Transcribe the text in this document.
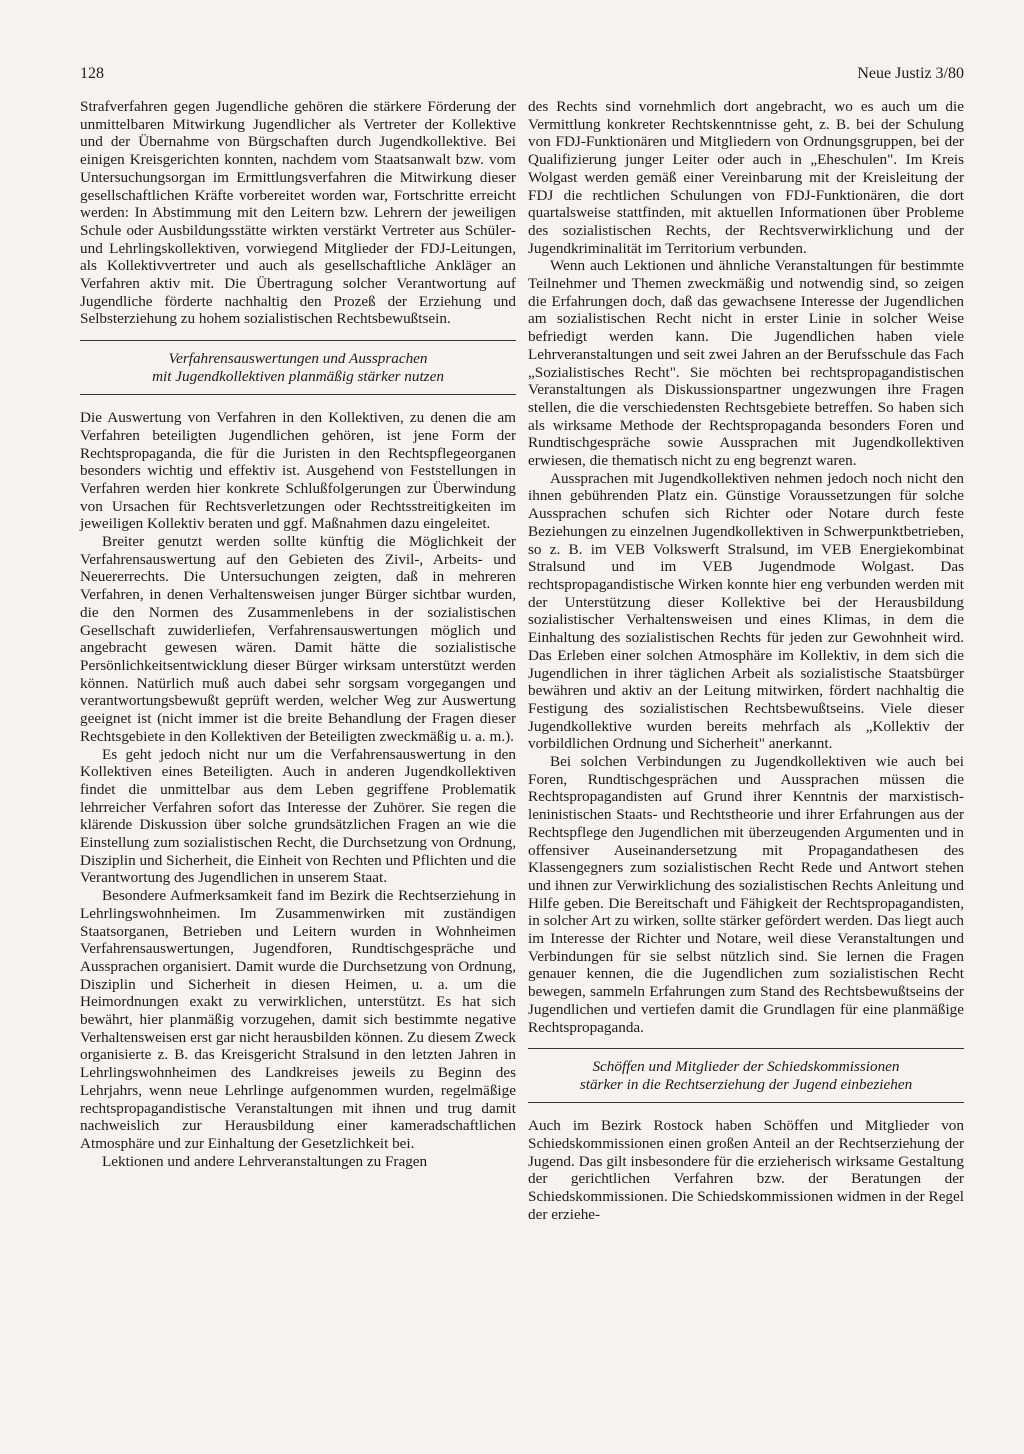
128	Neue Justiz 3/80

Strafverfahren gegen Jugendliche gehören die stärkere Förderung der unmittelbaren Mitwirkung Jugendlicher als Vertreter der Kollektive und der Übernahme von Bürgschaften durch Jugendkollektive. Bei einigen Kreisgerichten konnten, nachdem vom Staatsanwalt bzw. vom Untersuchungsorgan im Ermittlungsverfahren die Mitwirkung dieser gesellschaftlichen Kräfte vorbereitet worden war, Fortschritte erreicht werden: In Abstimmung mit den Leitern bzw. Lehrern der jeweiligen Schule oder Ausbildungsstätte wirkten verstärkt Vertreter aus Schüler- und Lehrlingskollektiven, vorwiegend Mitglieder der FDJ-Leitungen, als Kollektivvertreter und auch als gesellschaftliche Ankläger an Verfahren aktiv mit. Die Übertragung solcher Verantwortung auf Jugendliche förderte nachhaltig den Prozeß der Erziehung und Selbsterziehung zu hohem sozialistischen Rechtsbewußtsein.

Verfahrensauswertungen und Aussprachen
mit Jugendkollektiven planmäßig stärker nutzen

Die Auswertung von Verfahren in den Kollektiven, zu denen die am Verfahren beteiligten Jugendlichen gehören, ist jene Form der Rechtspropaganda, die für die Juristen in den Rechtspflegeorganen besonders wichtig und effektiv ist. Ausgehend von Feststellungen in Verfahren werden hier konkrete Schlußfolgerungen zur Überwindung von Ursachen für Rechtsverletzungen oder Rechtsstreitigkeiten im jeweiligen Kollektiv beraten und ggf. Maßnahmen dazu eingeleitet.

Breiter genutzt werden sollte künftig die Möglichkeit der Verfahrensauswertung auf den Gebieten des Zivil-, Arbeits- und Neuererrechts. Die Untersuchungen zeigten, daß in mehreren Verfahren, in denen Verhaltensweisen junger Bürger sichtbar wurden, die den Normen des Zusammenlebens in der sozialistischen Gesellschaft zuwiderliefen, Verfahrensauswertungen möglich und angebracht gewesen wären. Damit hätte die sozialistische Persönlichkeitsentwicklung dieser Bürger wirksam unterstützt werden können. Natürlich muß auch dabei sehr sorgsam vorgegangen und verantwortungsbewußt geprüft werden, welcher Weg zur Auswertung geeignet ist (nicht immer ist die breite Behandlung der Fragen dieser Rechtsgebiete in den Kollektiven der Beteiligten zweckmäßig u. a. m.).

Es geht jedoch nicht nur um die Verfahrensauswertung in den Kollektiven eines Beteiligten. Auch in anderen Jugendkollektiven findet die unmittelbar aus dem Leben gegriffene Problematik lehrreicher Verfahren sofort das Interesse der Zuhörer. Sie regen die klärende Diskussion über solche grundsätzlichen Fragen an wie die Einstellung zum sozialistischen Recht, die Durchsetzung von Ordnung, Disziplin und Sicherheit, die Einheit von Rechten und Pflichten und die Verantwortung des Jugendlichen in unserem Staat.

Besondere Aufmerksamkeit fand im Bezirk die Rechtserziehung in Lehrlingswohnheimen. Im Zusammenwirken mit zuständigen Staatsorganen, Betrieben und Leitern wurden in Wohnheimen Verfahrensauswertungen, Jugendforen, Rundtischgespräche und Aussprachen organisiert. Damit wurde die Durchsetzung von Ordnung, Disziplin und Sicherheit in diesen Heimen, u. a. um die Heimordnungen exakt zu verwirklichen, unterstützt. Es hat sich bewährt, hier planmäßig vorzugehen, damit sich bestimmte negative Verhaltensweisen erst gar nicht herausbilden können. Zu diesem Zweck organisierte z. B. das Kreisgericht Stralsund in den letzten Jahren in Lehrlingswohnheimen des Landkreises jeweils zu Beginn des Lehrjahrs, wenn neue Lehrlinge aufgenommen wurden, regelmäßige rechtspropagandistische Veranstaltungen mit ihnen und trug damit nachweislich zur Herausbildung einer kameradschaftlichen Atmosphäre und zur Einhaltung der Gesetzlichkeit bei.

Lektionen und andere Lehrveranstaltungen zu Fragen

des Rechts sind vornehmlich dort angebracht, wo es auch um die Vermittlung konkreter Rechtskenntnisse geht, z. B. bei der Schulung von FDJ-Funktionären und Mitgliedern von Ordnungsgruppen, bei der Qualifizierung junger Leiter oder auch in „Eheschulen". Im Kreis Wolgast werden gemäß einer Vereinbarung mit der Kreisleitung der FDJ die rechtlichen Schulungen von FDJ-Funktionären, die dort quartalsweise stattfinden, mit aktuellen Informationen über Probleme des sozialistischen Rechts, der Rechtsverwirklichung und der Jugendkriminalität im Territorium verbunden.

Wenn auch Lektionen und ähnliche Veranstaltungen für bestimmte Teilnehmer und Themen zweckmäßig und notwendig sind, so zeigen die Erfahrungen doch, daß das gewachsene Interesse der Jugendlichen am sozialistischen Recht nicht in erster Linie in solcher Weise befriedigt werden kann. Die Jugendlichen haben viele Lehrveranstaltungen und seit zwei Jahren an der Berufsschule das Fach „Sozialistisches Recht". Sie möchten bei rechtspropagandistischen Veranstaltungen als Diskussionspartner ungezwungen ihre Fragen stellen, die die verschiedensten Rechtsgebiete betreffen. So haben sich als wirksame Methode der Rechtspropaganda besonders Foren und Rundtischgespräche sowie Aussprachen mit Jugendkollektiven erwiesen, die thematisch nicht zu eng begrenzt waren.

Aussprachen mit Jugendkollektiven nehmen jedoch noch nicht den ihnen gebührenden Platz ein. Günstige Voraussetzungen für solche Aussprachen schufen sich Richter oder Notare durch feste Beziehungen zu einzelnen Jugendkollektiven in Schwerpunktbetrieben, so z. B. im VEB Volkswerft Stralsund, im VEB Energiekombinat Stralsund und im VEB Jugendmode Wolgast. Das rechtspropagandistische Wirken konnte hier eng verbunden werden mit der Unterstützung dieser Kollektive bei der Herausbildung sozialistischer Verhaltensweisen und eines Klimas, in dem die Einhaltung des sozialistischen Rechts für jeden zur Gewohnheit wird. Das Erleben einer solchen Atmosphäre im Kollektiv, in dem sich die Jugendlichen in ihrer täglichen Arbeit als sozialistische Staatsbürger bewähren und aktiv an der Leitung mitwirken, fördert nachhaltig die Festigung des sozialistischen Rechtsbewußtseins. Viele dieser Jugendkollektive wurden bereits mehrfach als „Kollektiv der vorbildlichen Ordnung und Sicherheit" anerkannt.

Bei solchen Verbindungen zu Jugendkollektiven wie auch bei Foren, Rundtischgesprächen und Aussprachen müssen die Rechtspropagandisten auf Grund ihrer Kenntnis der marxistisch-leninistischen Staats- und Rechtstheorie und ihrer Erfahrungen aus der Rechtspflege den Jugendlichen mit überzeugenden Argumenten und in offensiver Auseinandersetzung mit Propagandathesen des Klassengegners zum sozialistischen Recht Rede und Antwort stehen und ihnen zur Verwirklichung des sozialistischen Rechts Anleitung und Hilfe geben. Die Bereitschaft und Fähigkeit der Rechtspropagandisten, in solcher Art zu wirken, sollte stärker gefördert werden. Das liegt auch im Interesse der Richter und Notare, weil diese Veranstaltungen und Verbindungen für sie selbst nützlich sind. Sie lernen die Fragen genauer kennen, die die Jugendlichen zum sozialistischen Recht bewegen, sammeln Erfahrungen zum Stand des Rechtsbewußtseins der Jugendlichen und vertiefen damit die Grundlagen für eine planmäßige Rechtspropaganda.

Schöffen und Mitglieder der Schiedskommissionen
stärker in die Rechtserziehung der Jugend einbeziehen

Auch im Bezirk Rostock haben Schöffen und Mitglieder von Schiedskommissionen einen großen Anteil an der Rechtserziehung der Jugend. Das gilt insbesondere für die erzieherisch wirksame Gestaltung der gerichtlichen Verfahren bzw. der Beratungen der Schiedskommissionen. Die Schiedskommissionen widmen in der Regel der erziehe-
